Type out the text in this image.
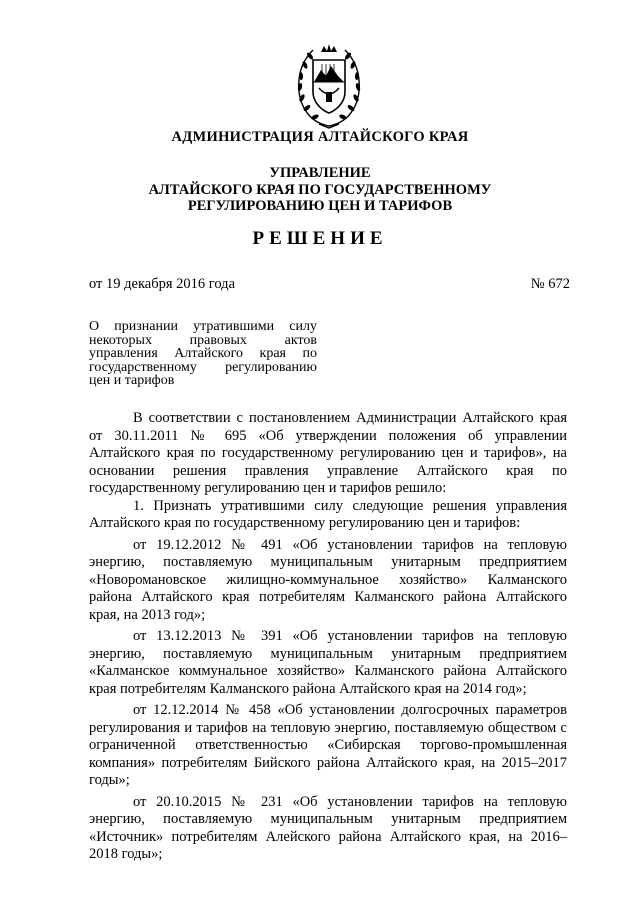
АДМИНИСТРАЦИЯ АЛТАЙСКОГО КРАЯ
УПРАВЛЕНИЕ
АЛТАЙСКОГО КРАЯ ПО ГОСУДАРСТВЕННОМУ
РЕГУЛИРОВАНИЮ ЦЕН И ТАРИФОВ
РЕШЕНИЕ
от 19 декабря 2016 года	№ 672
О признании утратившими силу
некоторых правовых актов
управления Алтайского края по
государственному регулированию
цен и тарифов
В соответствии с постановлением Администрации Алтайского края
от 30.11.2011 № 695 «Об утверждении положения об управлении
Алтайского края по государственному регулированию цен и тарифов», на
основании решения правления управление Алтайского края по
государственному регулированию цен и тарифов решило:
1. Признать утратившими силу следующие решения управления
Алтайского края по государственному регулированию цен и тарифов:
от 19.12.2012 № 491 «Об установлении тарифов на тепловую
энергию, поставляемую муниципальным унитарным предприятием
«Новоромановское жилищно-коммунальное хозяйство» Калманского
района Алтайского края потребителям Калманского района Алтайского
края, на 2013 год»;
от 13.12.2013 № 391 «Об установлении тарифов на тепловую
энергию, поставляемую муниципальным унитарным предприятием
«Калманское коммунальное хозяйство» Калманского района Алтайского
края потребителям Калманского района Алтайского края на 2014 год»;
от 12.12.2014 № 458 «Об установлении долгосрочных параметров
регулирования и тарифов на тепловую энергию, поставляемую обществом с
ограниченной ответственностью «Сибирская торгово-промышленная
компания» потребителям Бийского района Алтайского края, на 2015–2017
годы»;
от 20.10.2015 № 231 «Об установлении тарифов на тепловую
энергию, поставляемую муниципальным унитарным предприятием
«Источник» потребителям Алейского района Алтайского края, на 2016–
2018 годы»;
